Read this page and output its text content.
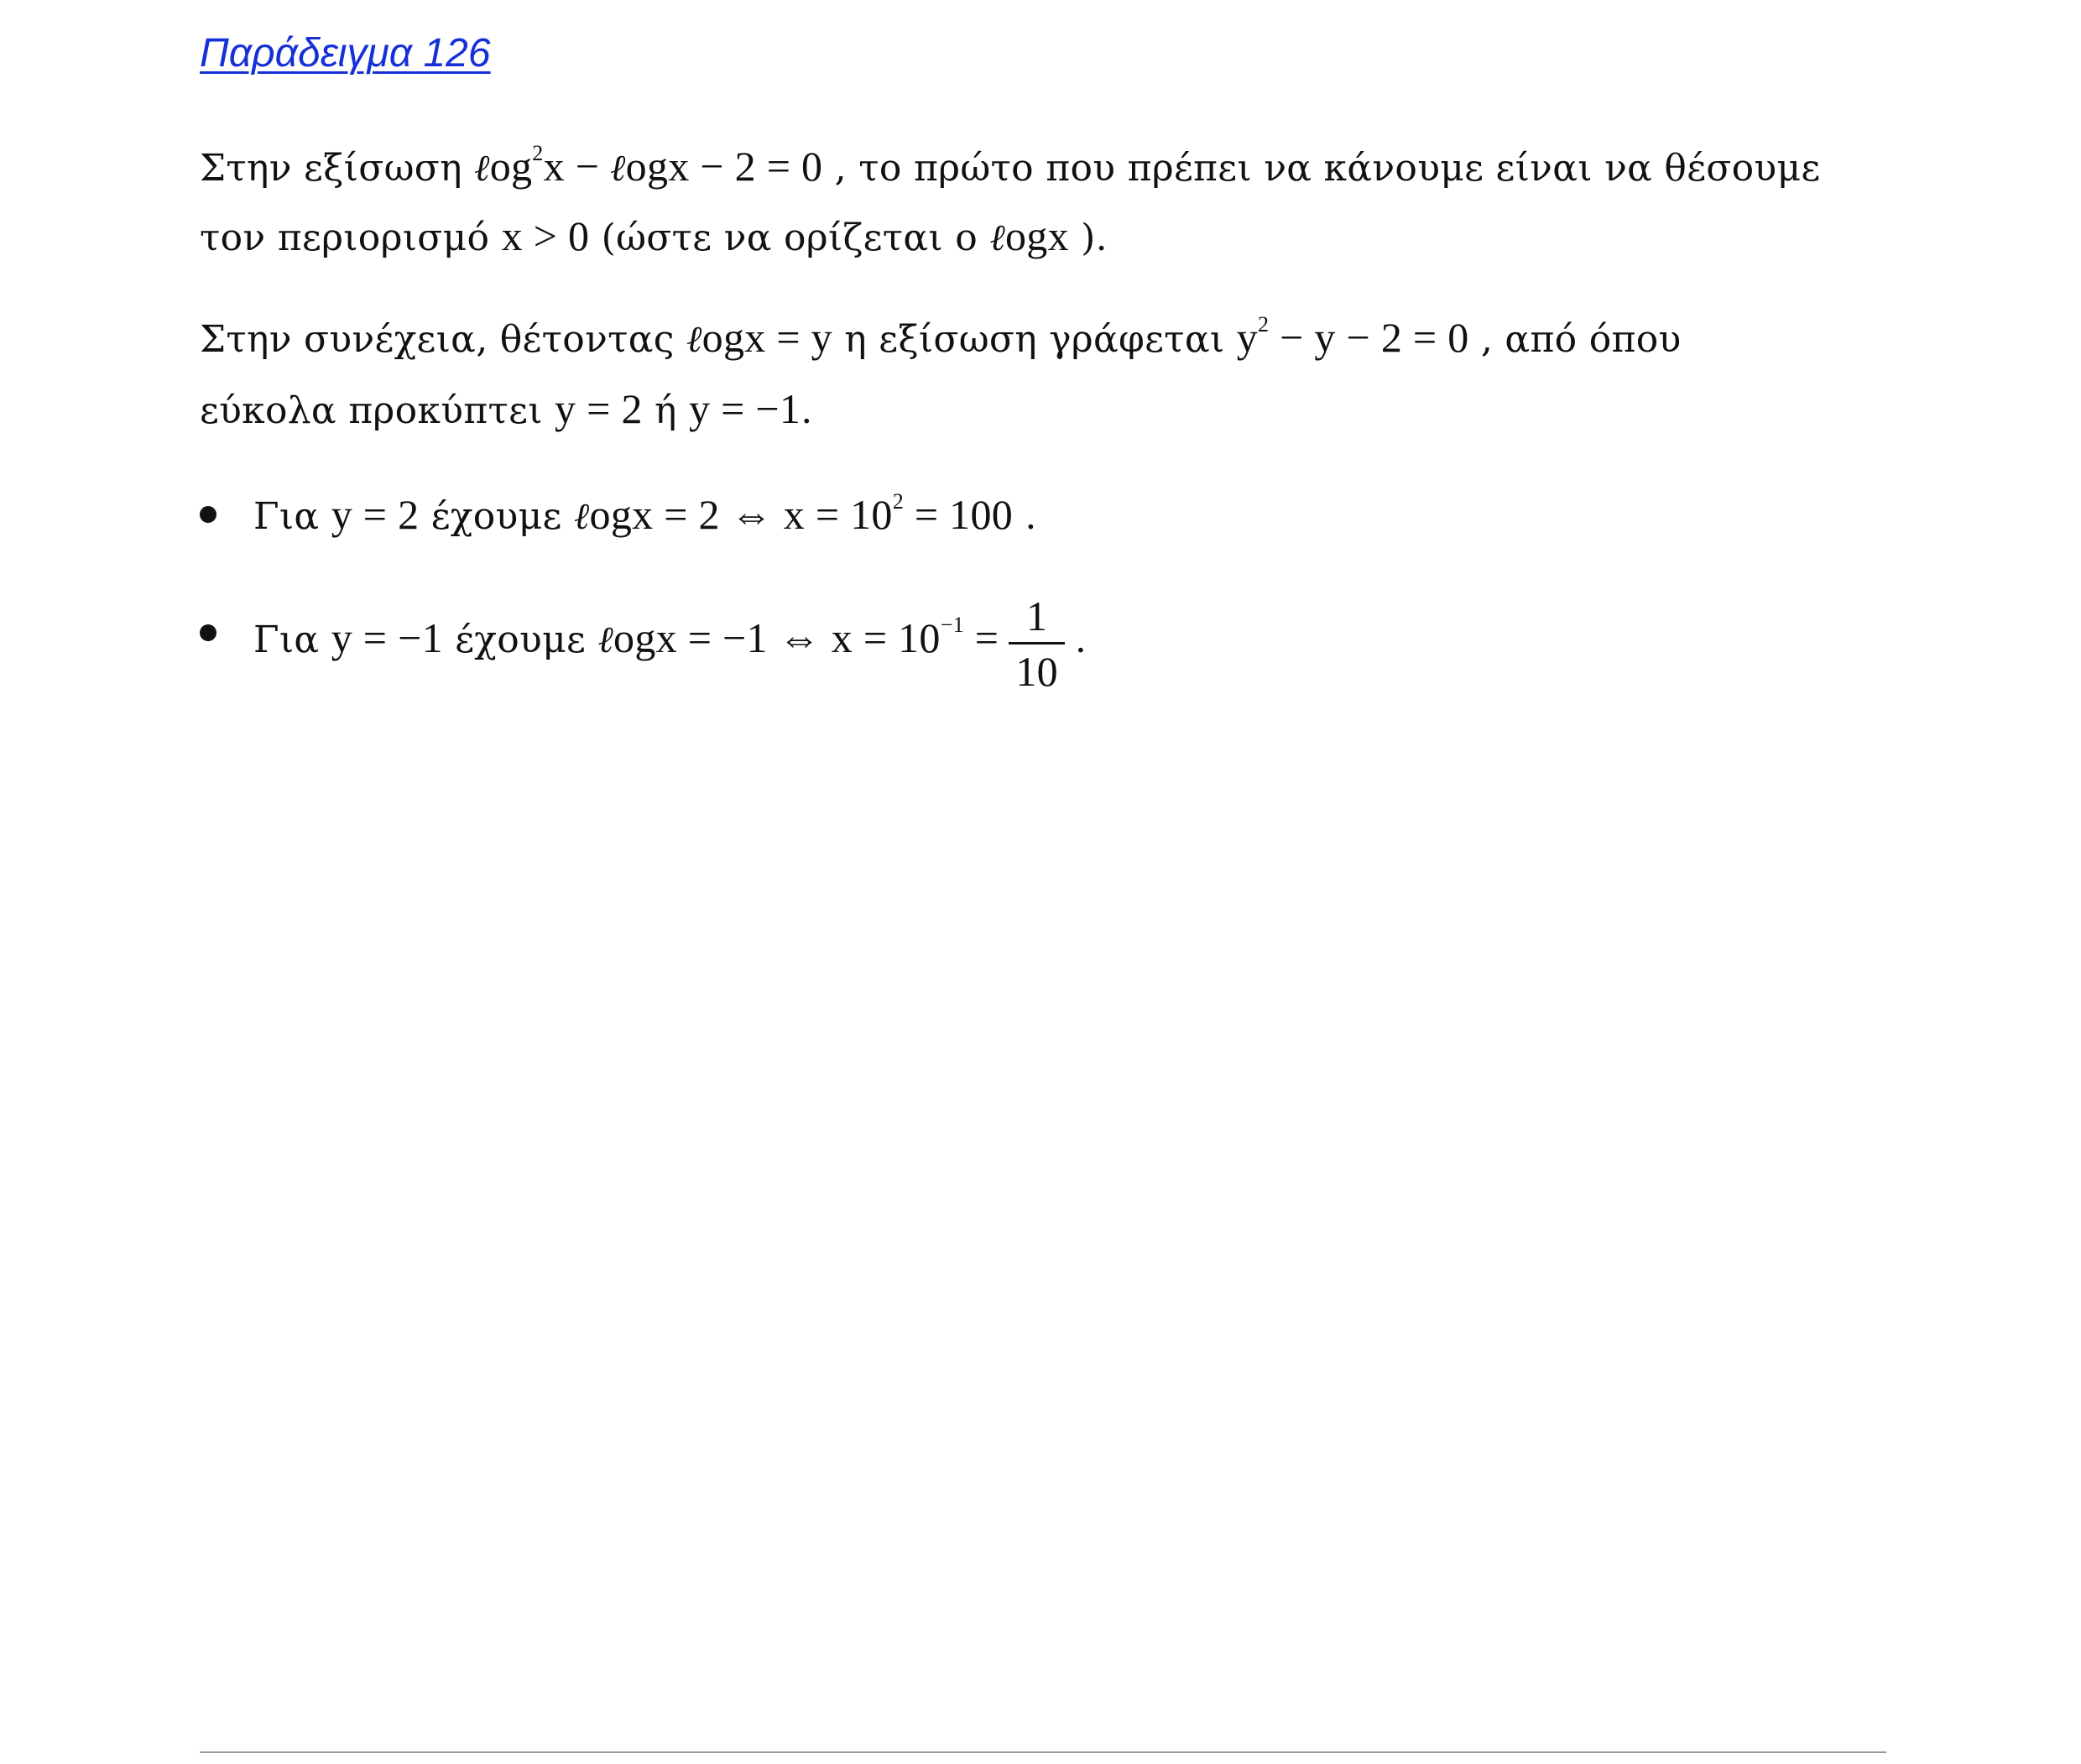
Παράδειγμα 126
Στην εξίσωση ℓog$^2$x − ℓogx − 2 = 0 , το πρώτο που πρέπει να κάνουμε είναι να θέσουμε
τον περιορισμό x > 0 (ώστε να ορίζεται ο ℓogx ).
Στην συνέχεια, θέτοντας ℓogx = y η εξίσωση γράφεται $y^2 - y - 2 = 0$ , από όπου
εύκολα προκύπτει y = 2 ή y = −1.
Για y = 2 έχουμε ℓogx = 2 ⇔ $x = 10^2 = 100$ .
Για y = −1 έχουμε ℓogx = −1 ⇔ $x = 10^{-1} = \frac{1}{10}$ .
